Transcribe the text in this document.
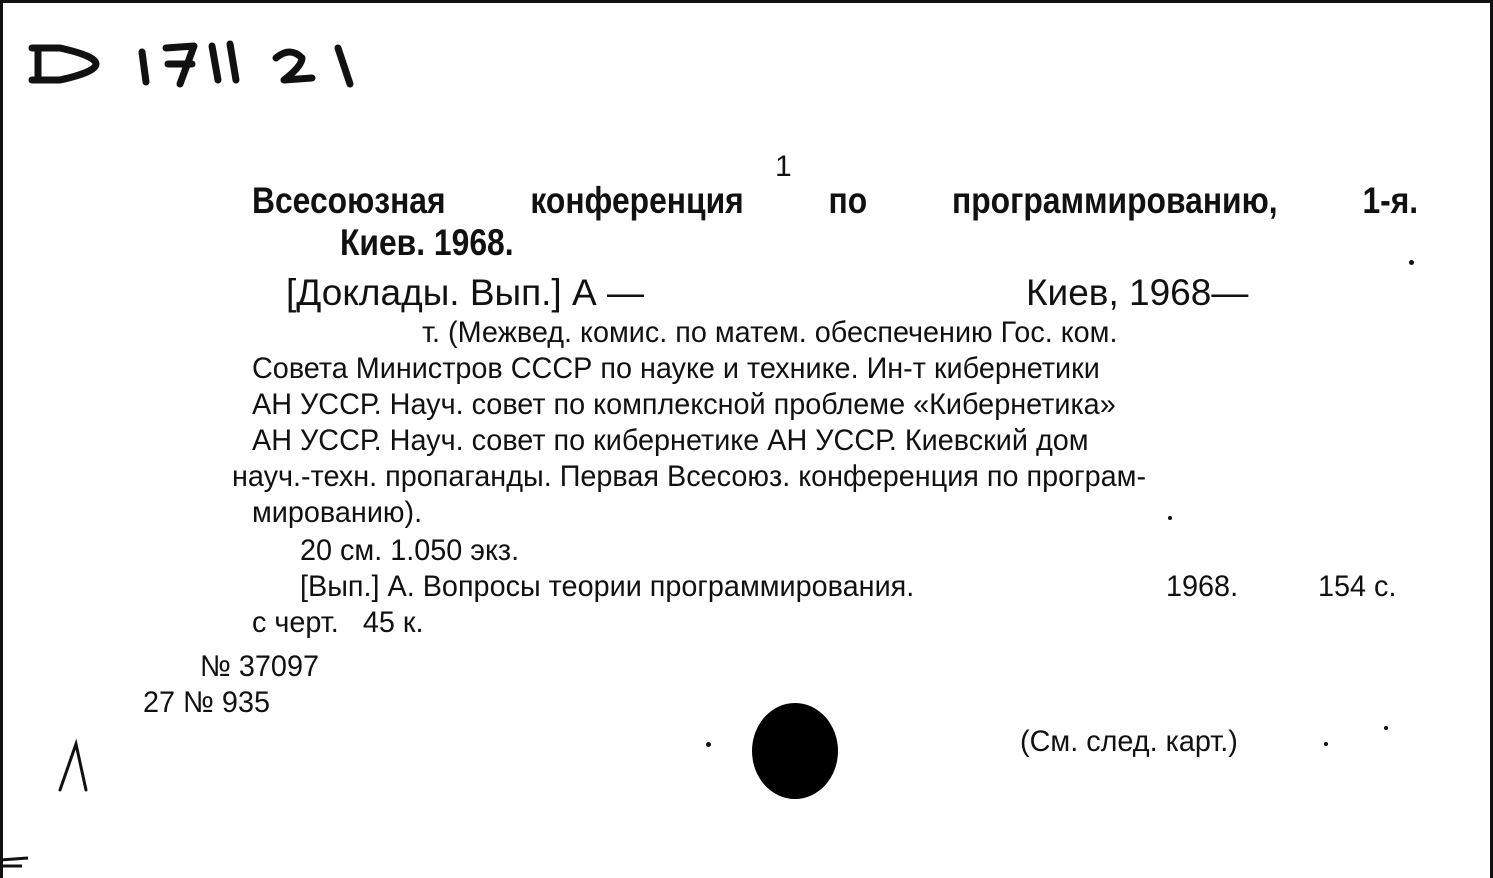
1
Всесоюзная конференция по программированию, 1-я.
Киев. 1968.
[Доклады. Вып.] А —	Киев, 1968—
т. (Межвед. комис. по матем. обеспечению Гос. ком.
Совета Министров СССР по науке и технике. Ин-т кибернетики
АН УССР. Науч. совет по комплексной проблеме «Кибернетика»
АН УССР. Науч. совет по кибернетике АН УССР. Киевский дом
науч.-техн. пропаганды. Первая Всесоюз. конференция по програм-
мированию).
20 см. 1.050 экз.
[Вып.] А. Вопросы теории программирования.	1968.	154 с.
с черт.   45 к.
№ 37097
27 № 935
(См. след. карт.)
